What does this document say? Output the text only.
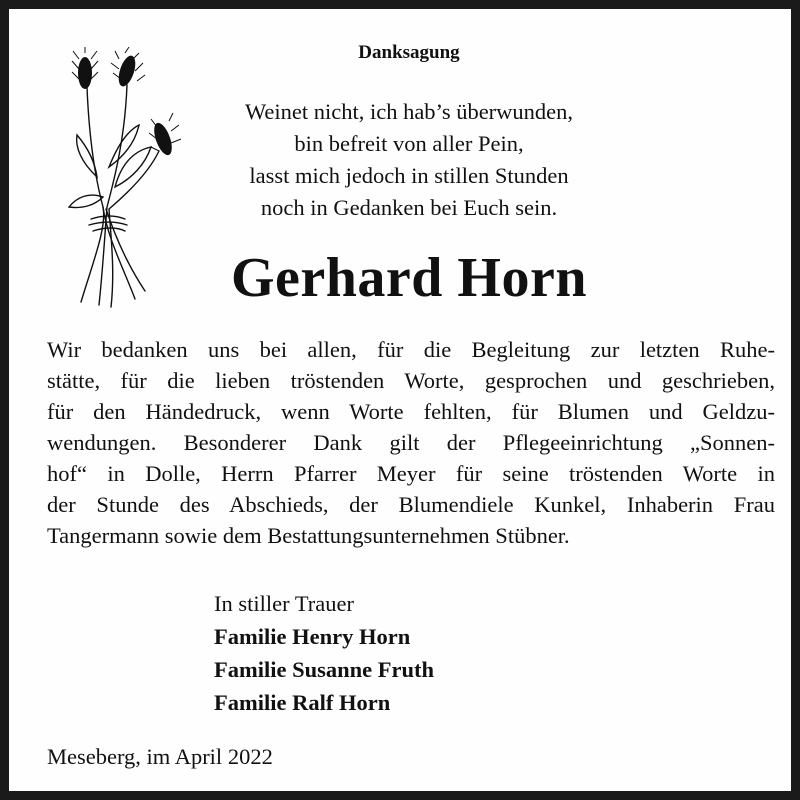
Danksagung
Weinet nicht, ich hab’s überwunden,
bin befreit von aller Pein,
lasst mich jedoch in stillen Stunden
noch in Gedanken bei Euch sein.
Gerhard Horn
Wir bedanken uns bei allen, für die Begleitung zur letzten Ruhe-
stätte, für die lieben tröstenden Worte, gesprochen und geschrieben,
für den Händedruck, wenn Worte fehlten, für Blumen und Geldzu-
wendungen. Besonderer Dank gilt der Pflegeeinrichtung „Sonnen-
hof“ in Dolle, Herrn Pfarrer Meyer für seine tröstenden Worte in
der Stunde des Abschieds, der Blumendiele Kunkel, Inhaberin Frau
Tangermann sowie dem Bestattungsunternehmen Stübner.
In stiller Trauer
Familie Henry Horn
Familie Susanne Fruth
Familie Ralf Horn
Meseberg, im April 2022
